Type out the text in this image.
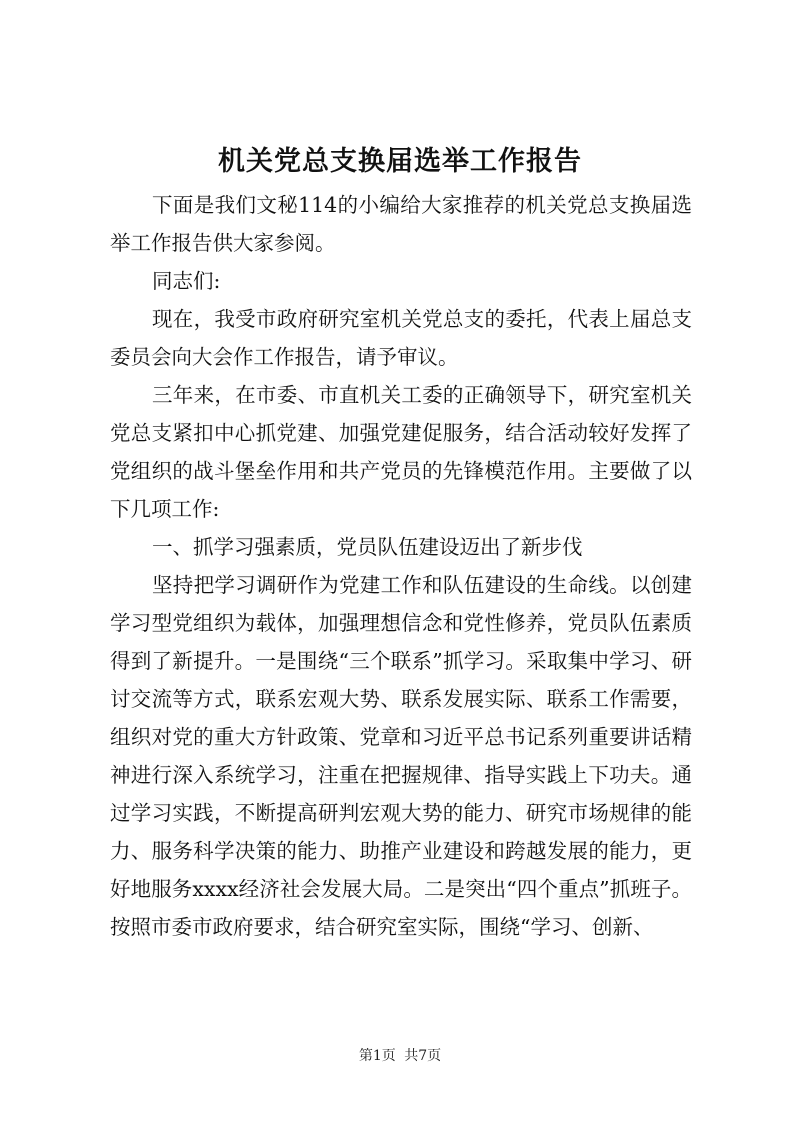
机关党总支换届选举工作报告

下面是我们文秘114的小编给大家推荐的机关党总支换届选举工作报告供大家参阅。

同志们:

现在，我受市政府研究室机关党总支的委托，代表上届总支委员会向大会作工作报告，请予审议。

三年来，在市委、市直机关工委的正确领导下，研究室机关党总支紧扣中心抓党建、加强党建促服务，结合活动较好发挥了党组织的战斗堡垒作用和共产党员的先锋模范作用。主要做了以下几项工作:

一、抓学习强素质，党员队伍建设迈出了新步伐

坚持把学习调研作为党建工作和队伍建设的生命线。以创建学习型党组织为载体，加强理想信念和党性修养，党员队伍素质得到了新提升。一是围绕“三个联系”抓学习。采取集中学习、研讨交流等方式，联系宏观大势、联系发展实际、联系工作需要，组织对党的重大方针政策、党章和习近平总书记系列重要讲话精神进行深入系统学习，注重在把握规律、指导实践上下功夫。通过学习实践，不断提高研判宏观大势的能力、研究市场规律的能力、服务科学决策的能力、助推产业建设和跨越发展的能力，更好地服务xxxx经济社会发展大局。二是突出“四个重点”抓班子。按照市委市政府要求，结合研究室实际，围绕“学习、创新、

第1页 共7页
